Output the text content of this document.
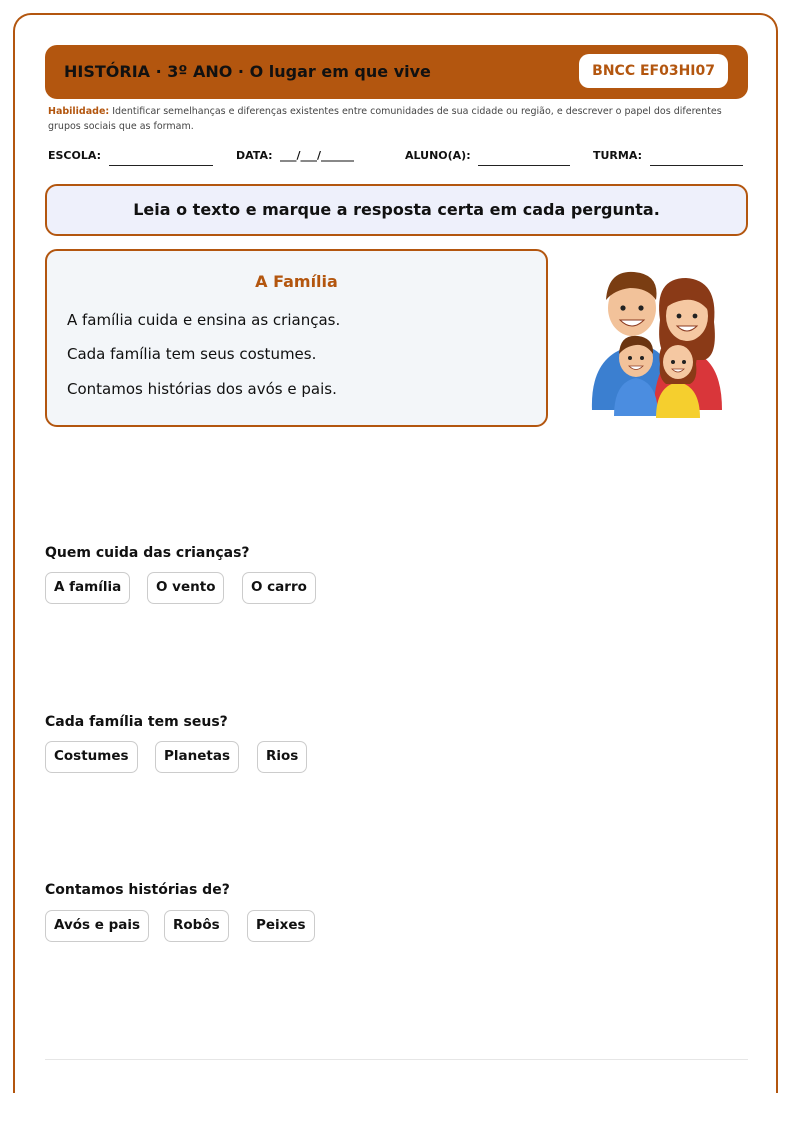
HISTÓRIA · 3º ANO · O lugar em que vive	BNCC EF03HI07
Habilidade: Identificar semelhanças e diferenças existentes entre comunidades de sua cidade ou região, e descrever o papel dos diferentes grupos sociais que as formam.
ESCOLA:	DATA: ___/___/______	ALUNO(A):	TURMA:
Leia o texto e marque a resposta certa em cada pergunta.
A Família
A família cuida e ensina as crianças.
Cada família tem seus costumes.
Contamos histórias dos avós e pais.
Quem cuida das crianças?
A família	O vento	O carro
Cada família tem seus?
Costumes	Planetas	Rios
Contamos histórias de?
Avós e pais	Robôs	Peixes
